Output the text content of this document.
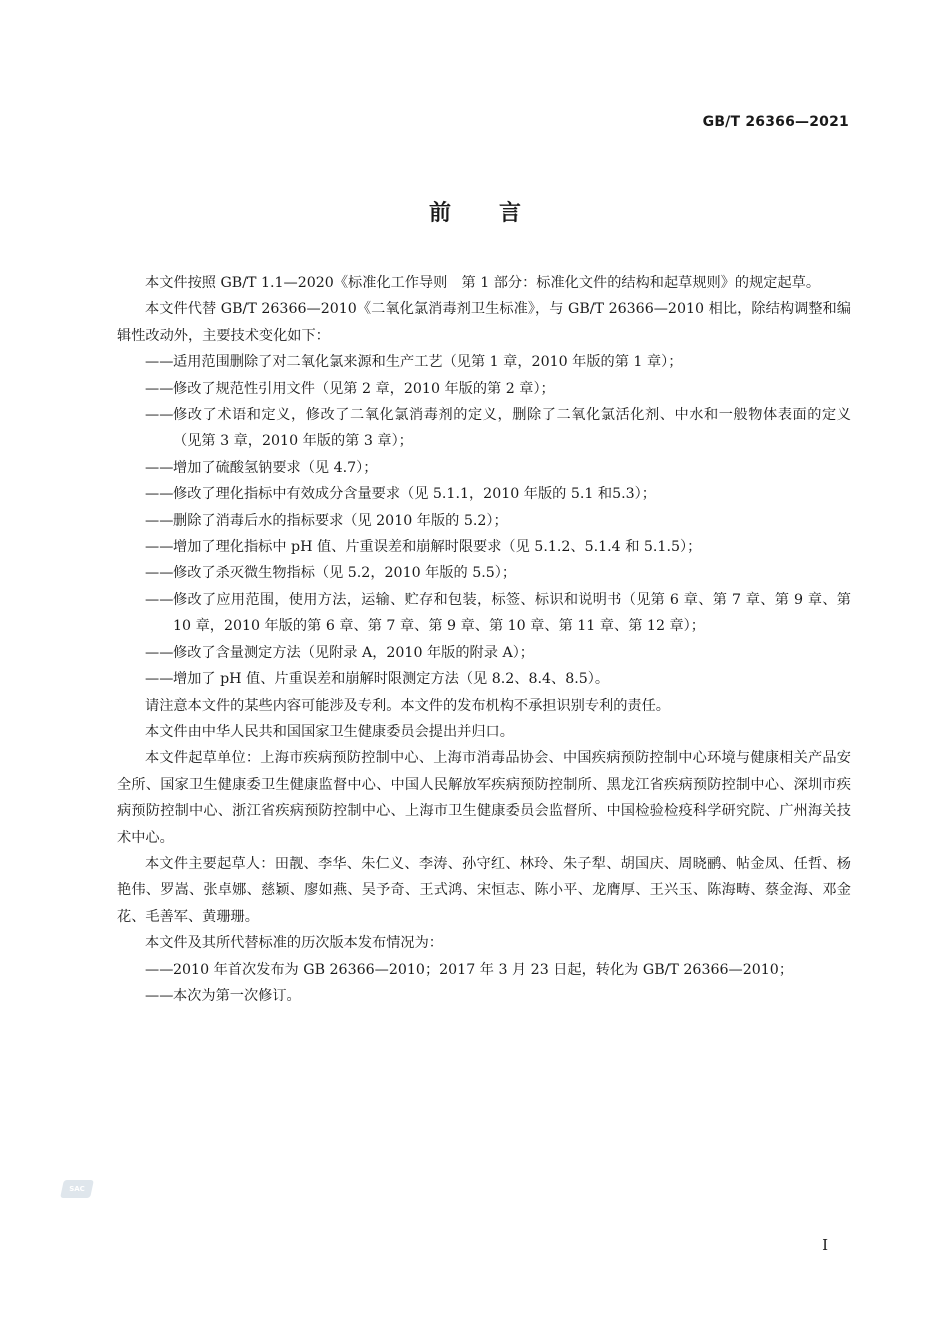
GB/T 26366—2021
前言

本文件按照 GB/T 1.1—2020《标准化工作导则　第 1 部分：标准化文件的结构和起草规则》的规定起草。

本文件代替 GB/T 26366—2010《二氧化氯消毒剂卫生标准》，与 GB/T 26366—2010 相比，除结构调整和编辑性改动外，主要技术变化如下：

—— 适用范围删除了对二氧化氯来源和生产工艺（见第 1 章，2010 年版的第 1 章）；

—— 修改了规范性引用文件（见第 2 章，2010 年版的第 2 章）；

—— 修改了术语和定义，修改了二氧化氯消毒剂的定义，删除了二氧化氯活化剂、中水和一般物体表面的定义（见第 3 章，2010 年版的第 3 章）；

—— 增加了硫酸氢钠要求（见 4.7）；

—— 修改了理化指标中有效成分含量要求（见 5.1.1，2010 年版的 5.1 和5.3）；

—— 删除了消毒后水的指标要求（见 2010 年版的 5.2）；

—— 增加了理化指标中 pH 值、片重误差和崩解时限要求（见 5.1.2、5.1.4 和 5.1.5）；

—— 修改了杀灭微生物指标（见 5.2，2010 年版的 5.5）；

—— 修改了应用范围，使用方法，运输、贮存和包装，标签、标识和说明书（见第 6 章、第 7 章、第 9 章、第 10 章，2010 年版的第 6 章、第 7 章、第 9 章、第 10 章、第 11 章、第 12 章）；

—— 修改了含量测定方法（见附录 A，2010 年版的附录 A）；

—— 增加了 pH 值、片重误差和崩解时限测定方法（见 8.2、8.4、8.5）。

请注意本文件的某些内容可能涉及专利。本文件的发布机构不承担识别专利的责任。

本文件由中华人民共和国国家卫生健康委员会提出并归口。

本文件起草单位：上海市疾病预防控制中心、上海市消毒品协会、中国疾病预防控制中心环境与健康相关产品安全所、国家卫生健康委卫生健康监督中心、中国人民解放军疾病预防控制所、黑龙江省疾病预防控制中心、深圳市疾病预防控制中心、浙江省疾病预防控制中心、上海市卫生健康委员会监督所、中国检验检疫科学研究院、广州海关技术中心。

本文件主要起草人：田靓、李华、朱仁义、李涛、孙守红、林玲、朱子犁、胡国庆、周晓鹂、帖金凤、任哲、杨艳伟、罗嵩、张卓娜、慈颖、廖如燕、吴予奇、王式鸿、宋恒志、陈小平、龙膺厚、王兴玉、陈海畴、蔡金海、邓金花、毛善军、黄珊珊。

本文件及其所代替标准的历次版本发布情况为：

—— 2010 年首次发布为 GB 26366—2010；2017 年 3 月 23 日起，转化为 GB/T 26366—2010；

—— 本次为第一次修订。

SAC
I
